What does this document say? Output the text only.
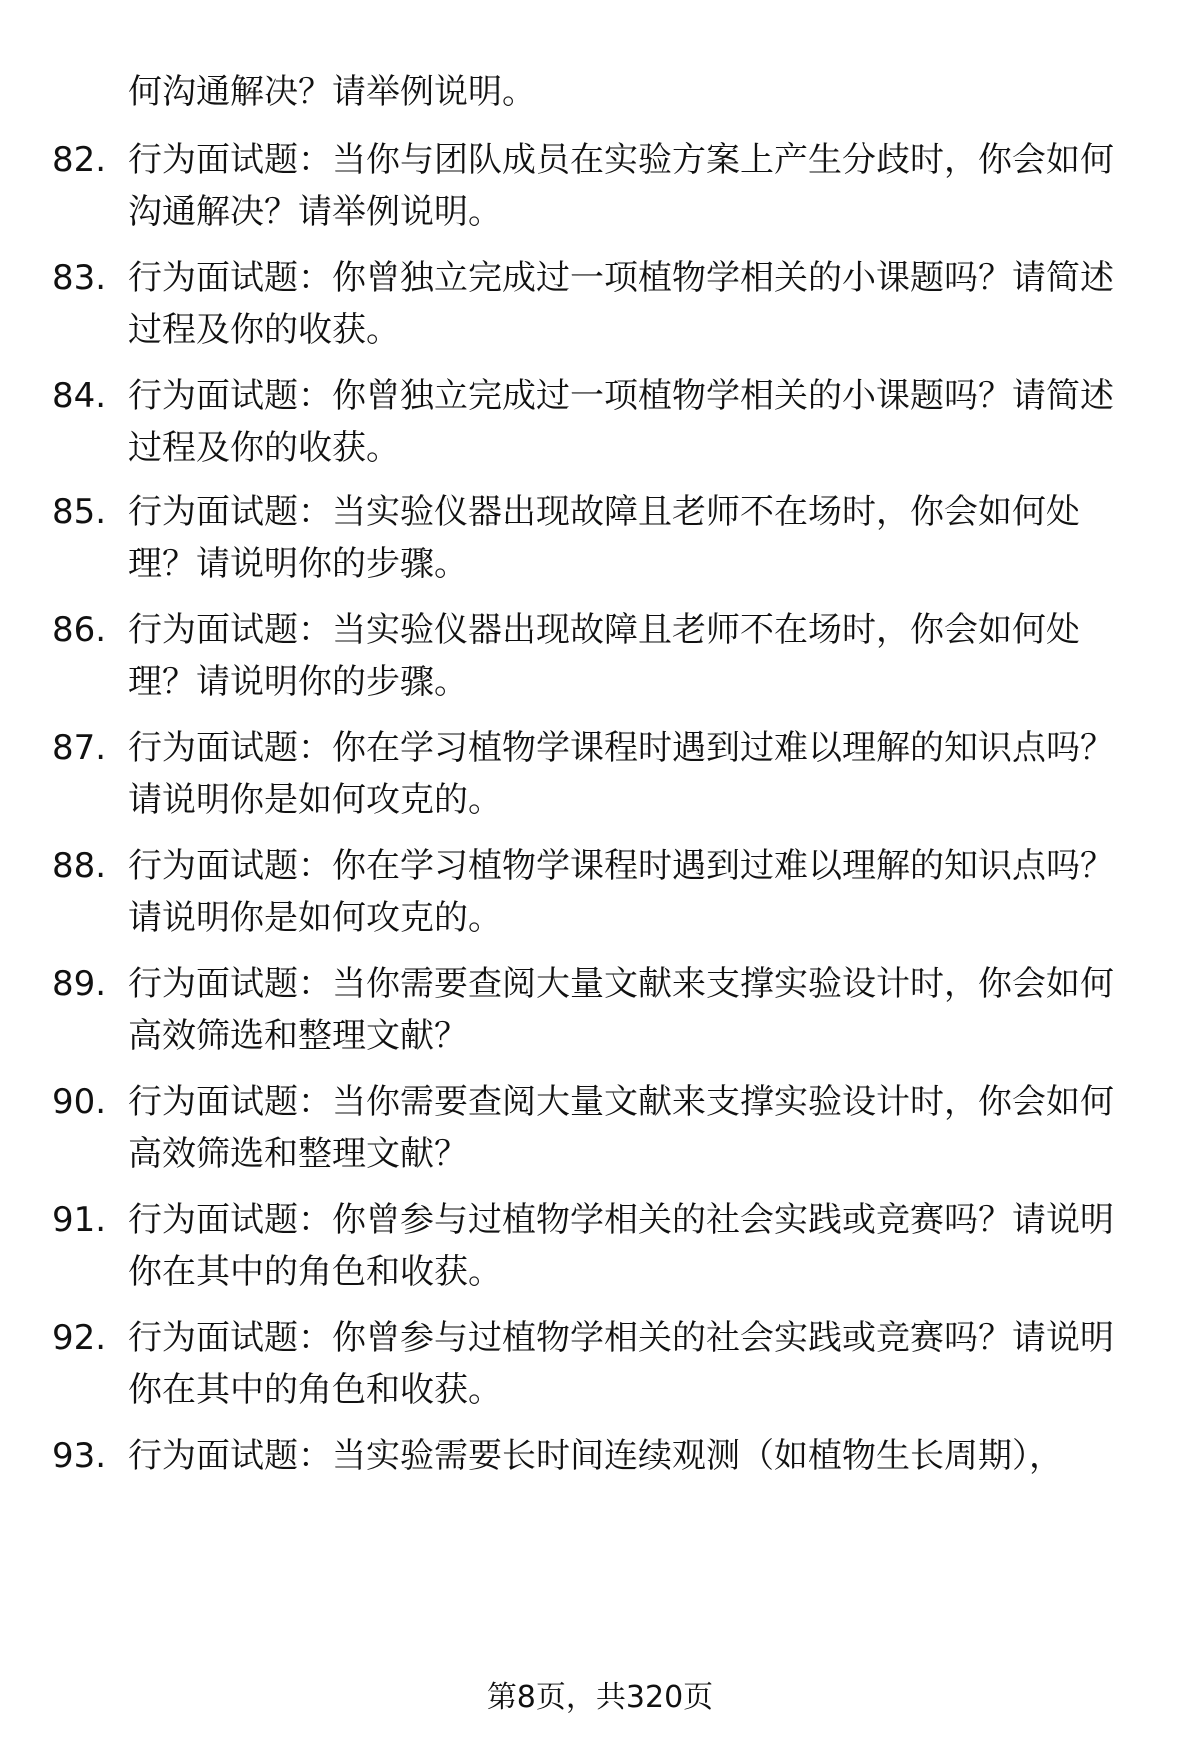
何沟通解决？请举例说明。

82. 行为面试题：当你与团队成员在实验方案上产生分歧时，你会如何沟通解决？请举例说明。

83. 行为面试题：你曾独立完成过一项植物学相关的小课题吗？请简述过程及你的收获。

84. 行为面试题：你曾独立完成过一项植物学相关的小课题吗？请简述过程及你的收获。

85. 行为面试题：当实验仪器出现故障且老师不在场时，你会如何处理？请说明你的步骤。

86. 行为面试题：当实验仪器出现故障且老师不在场时，你会如何处理？请说明你的步骤。

87. 行为面试题：你在学习植物学课程时遇到过难以理解的知识点吗？请说明你是如何攻克的。

88. 行为面试题：你在学习植物学课程时遇到过难以理解的知识点吗？请说明你是如何攻克的。

89. 行为面试题：当你需要查阅大量文献来支撑实验设计时，你会如何高效筛选和整理文献？

90. 行为面试题：当你需要查阅大量文献来支撑实验设计时，你会如何高效筛选和整理文献？

91. 行为面试题：你曾参与过植物学相关的社会实践或竞赛吗？请说明你在其中的角色和收获。

92. 行为面试题：你曾参与过植物学相关的社会实践或竞赛吗？请说明你在其中的角色和收获。

93. 行为面试题：当实验需要长时间连续观测（如植物生长周期），

第8页，共320页
